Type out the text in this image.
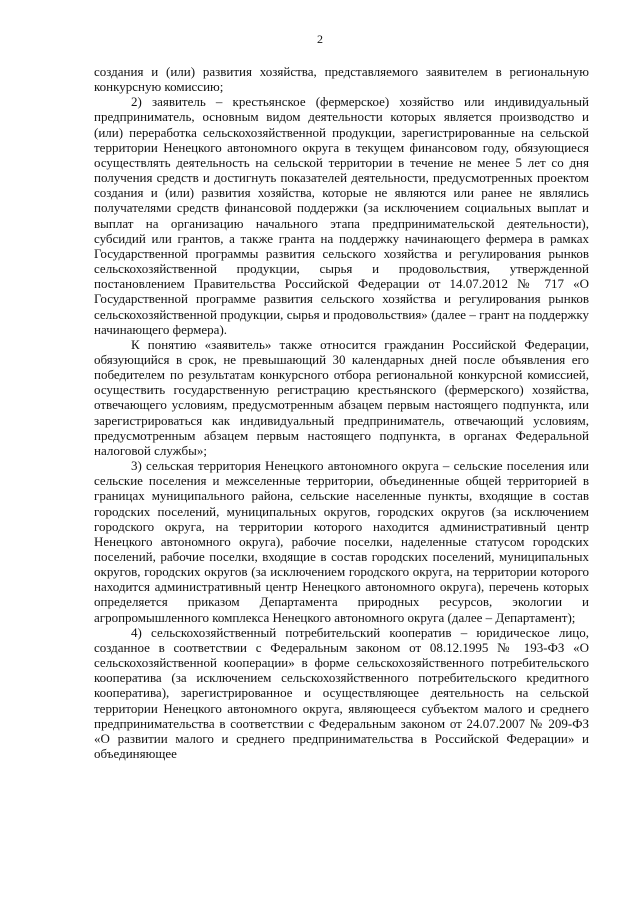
2

создания и (или) развития хозяйства, представляемого заявителем в региональную конкурсную комиссию;

2) заявитель – крестьянское (фермерское) хозяйство или индивидуальный предприниматель, основным видом деятельности которых является производство и (или) переработка сельскохозяйственной продукции, зарегистрированные на сельской территории Ненецкого автономного округа в текущем финансовом году, обязующиеся осуществлять деятельность на сельской территории в течение не менее 5 лет со дня получения средств и достигнуть показателей деятельности, предусмотренных проектом создания и (или) развития хозяйства, которые не являются или ранее не являлись получателями средств финансовой поддержки (за исключением социальных выплат и выплат на организацию начального этапа предпринимательской деятельности), субсидий или грантов, а также гранта на поддержку начинающего фермера в рамках Государственной программы развития сельского хозяйства и регулирования рынков сельскохозяйственной продукции, сырья и продовольствия, утвержденной постановлением Правительства Российской Федерации от 14.07.2012 № 717 «О Государственной программе развития сельского хозяйства и регулирования рынков сельскохозяйственной продукции, сырья и продовольствия» (далее – грант на поддержку начинающего фермера).

К понятию «заявитель» также относится гражданин Российской Федерации, обязующийся в срок, не превышающий 30 календарных дней после объявления его победителем по результатам конкурсного отбора региональной конкурсной комиссией, осуществить государственную регистрацию крестьянского (фермерского) хозяйства, отвечающего условиям, предусмотренным абзацем первым настоящего подпункта, или зарегистрироваться как индивидуальный предприниматель, отвечающий условиям, предусмотренным абзацем первым настоящего подпункта, в органах Федеральной налоговой службы»;

3) сельская территория Ненецкого автономного округа – сельские поселения или сельские поселения и межселенные территории, объединенные общей территорией в границах муниципального района, сельские населенные пункты, входящие в состав городских поселений, муниципальных округов, городских округов (за исключением городского округа, на территории которого находится административный центр Ненецкого автономного округа), рабочие поселки, наделенные статусом городских поселений, рабочие поселки, входящие в состав городских поселений, муниципальных округов, городских округов (за исключением городского округа, на территории которого находится административный центр Ненецкого автономного округа), перечень которых определяется приказом Департамента природных ресурсов, экологии и агропромышленного комплекса Ненецкого автономного округа (далее – Департамент);

4) сельскохозяйственный потребительский кооператив – юридическое лицо, созданное в соответствии с Федеральным законом от 08.12.1995 № 193-ФЗ «О сельскохозяйственной кооперации» в форме сельскохозяйственного потребительского кооператива (за исключением сельскохозяйственного потребительского кредитного кооператива), зарегистрированное и осуществляющее деятельность на сельской территории Ненецкого автономного округа, являющееся субъектом малого и среднего предпринимательства в соответствии с Федеральным законом от 24.07.2007 № 209-ФЗ «О развитии малого и среднего предпринимательства в Российской Федерации» и объединяющее
